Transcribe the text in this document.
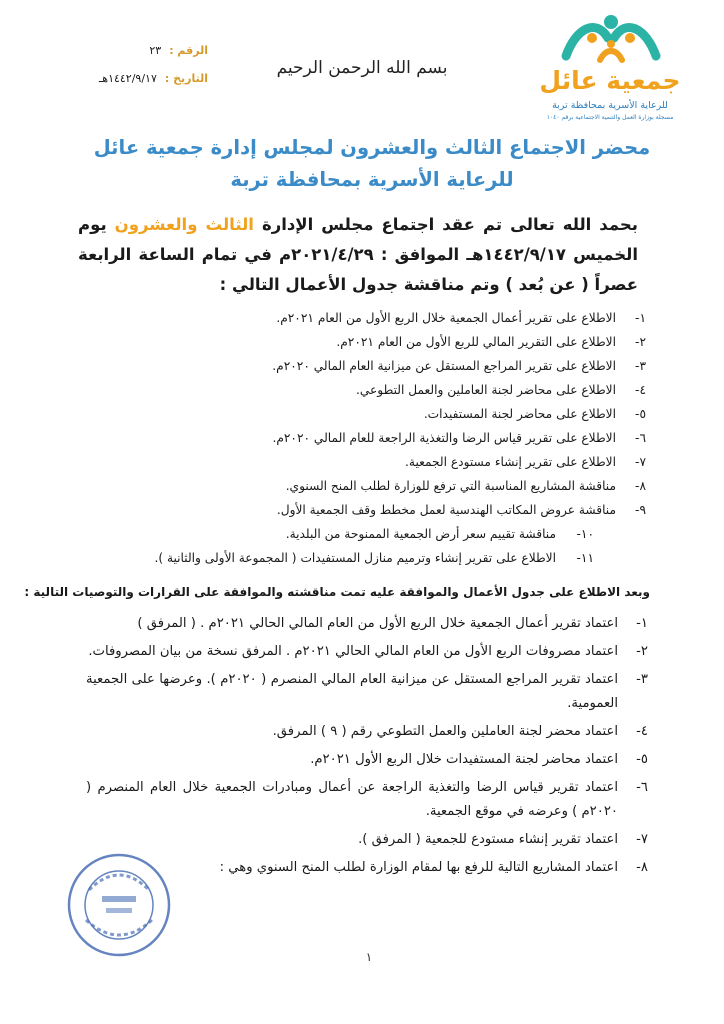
جمعية عائل
للرعاية الأسرية بمحافظة تربة
مسجلة بوزارة العمل والتنمية الاجتماعية برقم ١٠٤٠
بسم الله الرحمن الرحيم
الرقم :
٢٣
التاريخ :
١٤٤٢/٩/١٧هـ
محضر الاجتماع الثالث والعشرون لمجلس إدارة جمعية عائل للرعاية الأسرية بمحافظة تربة
بحمد الله تعالى تم عقد اجتماع مجلس الإدارة الثالث والعشرون يوم الخميس ١٤٤٢/٩/١٧هـ الموافق : ٢٠٢١/٤/٢٩م في تمام الساعة الرابعة عصراً ( عن بُعد ) وتم مناقشة جدول الأعمال التالي :
١-
الاطلاع على تقرير أعمال الجمعية خلال الربع الأول من العام ٢٠٢١م.
٢-
الاطلاع على التقرير المالي للربع الأول من العام ٢٠٢١م.
٣-
الاطلاع على تقرير المراجع المستقل عن ميزانية العام المالي ٢٠٢٠م.
٤-
الاطلاع على محاضر لجنة العاملين والعمل التطوعي.
٥-
الاطلاع على محاضر لجنة المستفيدات.
٦-
الاطلاع على تقرير قياس الرضا والتغذية الراجعة للعام المالي ٢٠٢٠م.
٧-
الاطلاع على تقرير إنشاء مستودع الجمعية.
٨-
مناقشة المشاريع المناسبة التي ترفع للوزارة لطلب المنح السنوي.
٩-
مناقشة عروض المكاتب الهندسية لعمل مخطط وقف الجمعية الأول.
١٠-
مناقشة تقييم سعر أرض الجمعية الممنوحة من البلدية.
١١-
الاطلاع على تقرير إنشاء وترميم منازل المستفيدات ( المجموعة الأولى والثانية ).
وبعد الاطلاع على جدول الأعمال والموافقة عليه تمت مناقشته والموافقة على القرارات والتوصيات التالية :
١-
اعتماد تقرير أعمال الجمعية خلال الربع الأول من العام المالي الحالي ٢٠٢١م . ( المرفق )
٢-
اعتماد مصروفات الربع الأول من العام المالي الحالي ٢٠٢١م . المرفق نسخة من بيان المصروفات.
٣-
اعتماد تقرير المراجع المستقل عن ميزانية العام المالي المنصرم ( ٢٠٢٠م ). وعرضها على الجمعية العمومية.
٤-
اعتماد محضر لجنة العاملين والعمل التطوعي رقم ( ٩ ) المرفق.
٥-
اعتماد محاضر لجنة المستفيدات خلال الربع الأول ٢٠٢١م.
٦-
اعتماد تقرير قياس الرضا والتغذية الراجعة عن أعمال ومبادرات الجمعية خلال العام المنصرم ( ٢٠٢٠م ) وعرضه في موقع الجمعية.
٧-
اعتماد تقرير إنشاء مستودع للجمعية ( المرفق ).
٨-
اعتماد المشاريع التالية للرفع بها لمقام الوزارة لطلب المنح السنوي وهي :
١
